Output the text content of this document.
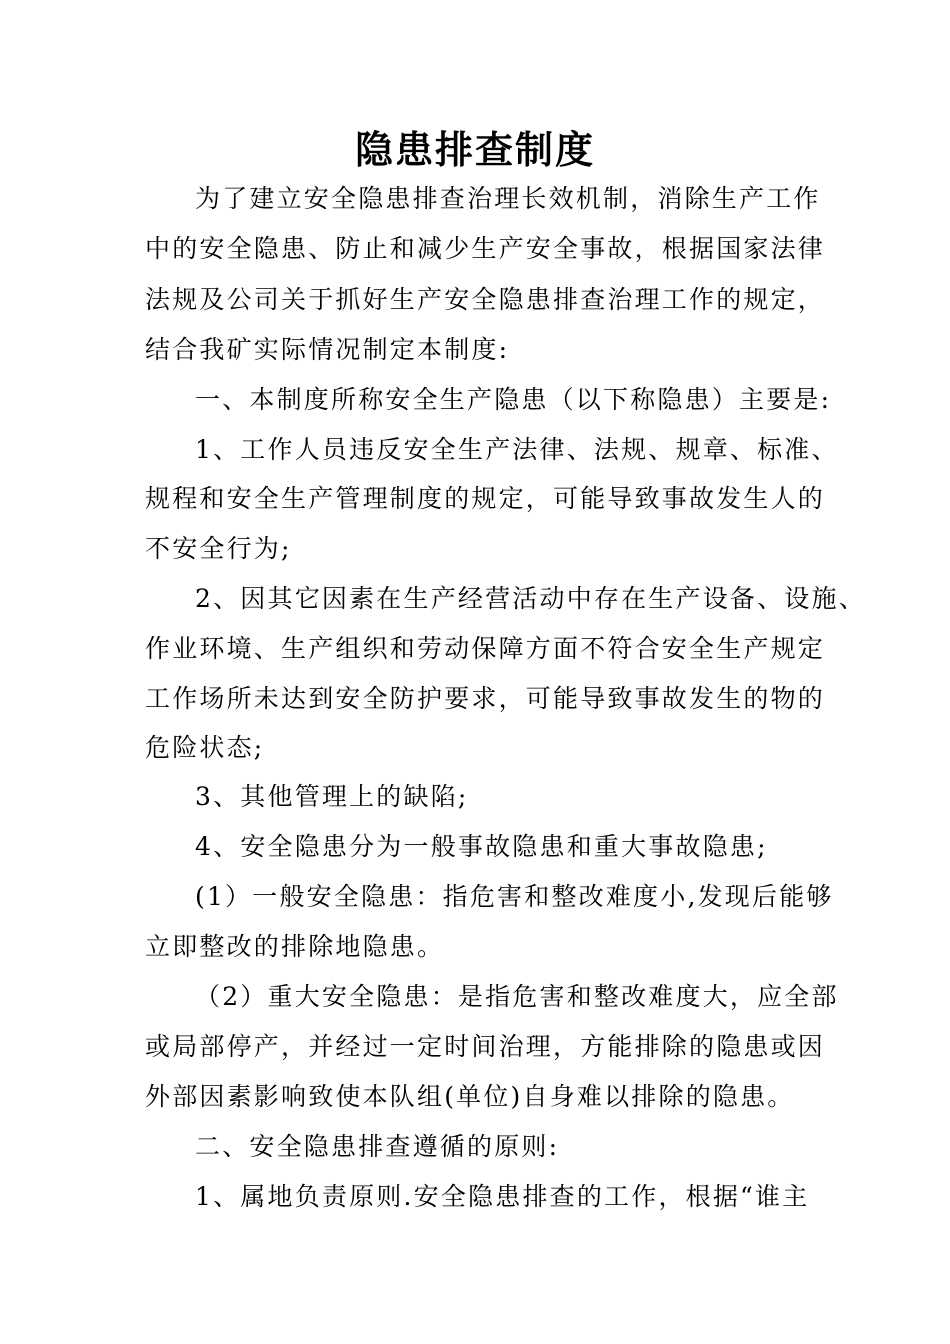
隐患排查制度
为了建立安全隐患排查治理长效机制，消除生产工作
中的安全隐患、防止和减少生产安全事故，根据国家法律
法规及公司关于抓好生产安全隐患排查治理工作的规定，
结合我矿实际情况制定本制度:
一、本制度所称安全生产隐患（以下称隐患）主要是:
1、工作人员违反安全生产法律、法规、规章、标准、
规程和安全生产管理制度的规定，可能导致事故发生人的
不安全行为;
2、因其它因素在生产经营活动中存在生产设备、设施、
作业环境、生产组织和劳动保障方面不符合安全生产规定
工作场所未达到安全防护要求，可能导致事故发生的物的
危险状态;
3、其他管理上的缺陷;
4、安全隐患分为一般事故隐患和重大事故隐患;
(1）一般安全隐患：指危害和整改难度小,发现后能够
立即整改的排除地隐患。
（2）重大安全隐患：是指危害和整改难度大，应全部
或局部停产，并经过一定时间治理，方能排除的隐患或因
外部因素影响致使本队组(单位)自身难以排除的隐患。
二、安全隐患排查遵循的原则:
1、属地负责原则.安全隐患排查的工作，根据“谁主
